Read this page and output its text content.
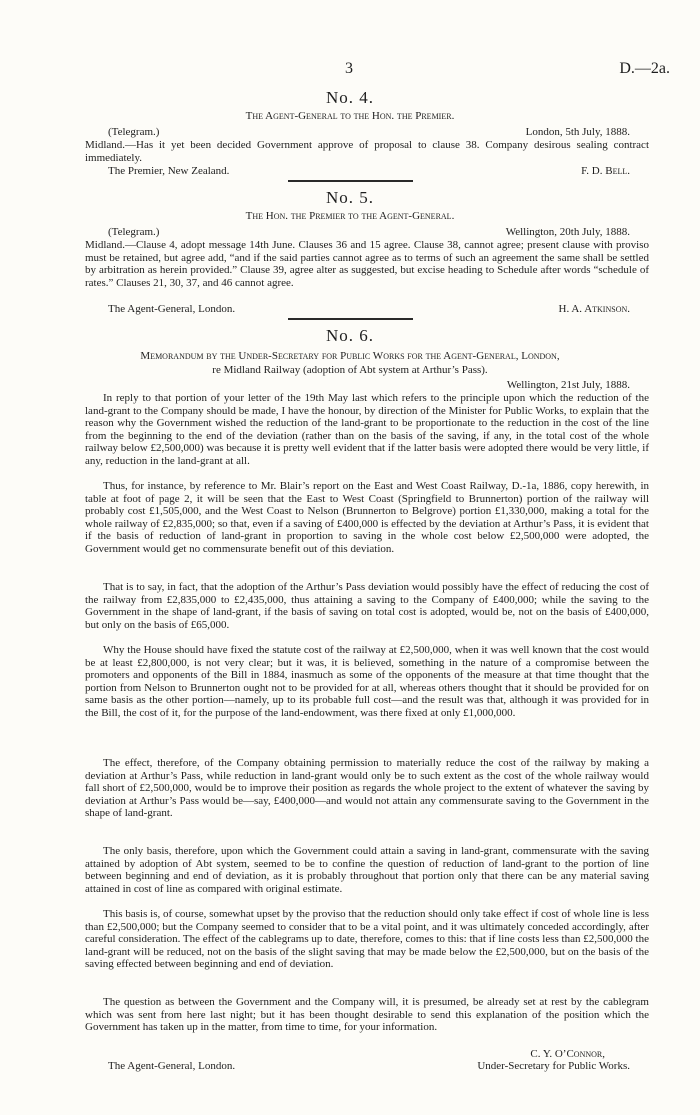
3	D.—2a.
No. 4.
The Agent-General to the Hon. the Premier.
(Telegram.)	London, 5th July, 1888.

Midland.—Has it yet been decided Government approve of proposal to clause 38. Company desirous sealing contract immediately.

The Premier, New Zealand.	F. D. Bell.
No. 5.
The Hon. the Premier to the Agent-General.
(Telegram.)	Wellington, 20th July, 1888.

Midland.—Clause 4, adopt message 14th June. Clauses 36 and 15 agree. Clause 38, cannot agree; present clause with proviso must be retained, but agree add, “and if the said parties cannot agree as to terms of such an agreement the same shall be settled by arbitration as herein provided.” Clause 39, agree alter as suggested, but excise heading to Schedule after words “schedule of rates.” Clauses 21, 30, 37, and 46 cannot agree.

The Agent-General, London.	H. A. Atkinson.
No. 6.
Memorandum by the Under-Secretary for Public Works for the Agent-General, London,
re Midland Railway (adoption of Abt system at Arthur’s Pass).
Wellington, 21st July, 1888.

In reply to that portion of your letter of the 19th May last which refers to the principle upon which the reduction of the land-grant to the Company should be made, I have the honour, by direction of the Minister for Public Works, to explain that the reason why the Government wished the reduction of the land-grant to be proportionate to the reduction in the cost of the line from the beginning to the end of the deviation (rather than on the basis of the saving, if any, in the total cost of the whole railway below £2,500,000) was because it is pretty well evident that if the latter basis were adopted there would be very little, if any, reduction in the land-grant at all.

Thus, for instance, by reference to Mr. Blair’s report on the East and West Coast Railway, D.-1a, 1886, copy herewith, in table at foot of page 2, it will be seen that the East to West Coast (Springfield to Brunnerton) portion of the railway will probably cost £1,505,000, and the West Coast to Nelson (Brunnerton to Belgrove) portion £1,330,000, making a total for the whole railway of £2,835,000; so that, even if a saving of £400,000 is effected by the deviation at Arthur’s Pass, it is evident that if the basis of reduction of land-grant in proportion to saving in the whole cost below £2,500,000 were adopted, the Government would get no commensurate benefit out of this deviation.

That is to say, in fact, that the adoption of the Arthur’s Pass deviation would possibly have the effect of reducing the cost of the railway from £2,835,000 to £2,435,000, thus attaining a saving to the Company of £400,000; while the saving to the Government in the shape of land-grant, if the basis of saving on total cost is adopted, would be, not on the basis of £400,000, but only on the basis of £65,000.

Why the House should have fixed the statute cost of the railway at £2,500,000, when it was well known that the cost would be at least £2,800,000, is not very clear; but it was, it is believed, something in the nature of a compromise between the promoters and opponents of the Bill in 1884, inasmuch as some of the opponents of the measure at that time thought that the portion from Nelson to Brunnerton ought not to be provided for at all, whereas others thought that it should be provided for on same basis as the other portion—namely, up to its probable full cost—and the result was that, although it was provided for in the Bill, the cost of it, for the purpose of the land-endowment, was there fixed at only £1,000,000.

The effect, therefore, of the Company obtaining permission to materially reduce the cost of the railway by making a deviation at Arthur’s Pass, while reduction in land-grant would only be to such extent as the cost of the whole railway would fall short of £2,500,000, would be to improve their position as regards the whole project to the extent of whatever the saving by deviation at Arthur’s Pass would be—say, £400,000—and would not attain any commensurate saving to the Government in the shape of land-grant.

The only basis, therefore, upon which the Government could attain a saving in land-grant, commensurate with the saving attained by adoption of Abt system, seemed to be to confine the question of reduction of land-grant to the portion of line between beginning and end of deviation, as it is probably throughout that portion only that there can be any material saving attained in cost of line as compared with original estimate.

This basis is, of course, somewhat upset by the proviso that the reduction should only take effect if cost of whole line is less than £2,500,000; but the Company seemed to consider that to be a vital point, and it was ultimately conceded accordingly, after careful consideration. The effect of the cablegrams up to date, therefore, comes to this: that if line costs less than £2,500,000 the land-grant will be reduced, not on the basis of the slight saving that may be made below the £2,500,000, but on the basis of the saving effected between beginning and end of deviation.

The question as between the Government and the Company will, it is presumed, be already set at rest by the cablegram which was sent from here last night; but it has been thought desirable to send this explanation of the position which the Government has taken up in the matter, from time to time, for your information.

C. Y. O’Connor,
The Agent-General, London.	Under-Secretary for Public Works.
